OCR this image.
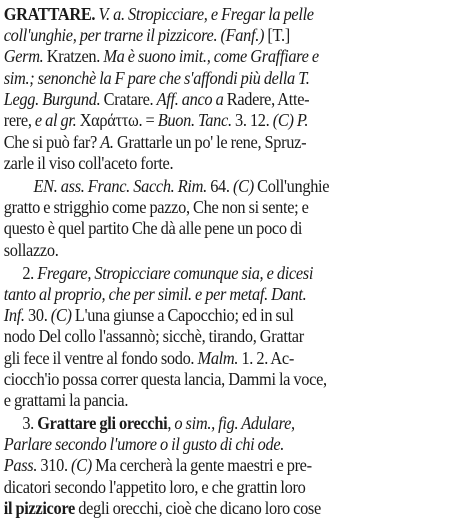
GRATTARE. V. a. Stropicciare, e Fregar la pelle
coll'unghie, per trarne il pizzicore. (Fanf.) [T.]
Germ. Kratzen. Ma è suono imit., come Graffiare e
sim.; senonchè la F pare che s'affondi più della T.
Legg. Burgund. Cratare. Aff. anco a Radere, Atte-
rere, e al gr. Χαράττω. = Buon. Tanc. 3. 12. (C) P.
Che si può far? A. Grattarle un po' le rene, Spruz-
zarle il viso coll'aceto forte.
EN. ass. Franc. Sacch. Rim. 64. (C) Coll'unghie
gratto e strigghio come pazzo, Che non si sente; e
questo è quel partito Che dà alle pene un poco di
sollazzo.
2. Fregare, Stropicciare comunque sia, e dicesi
tanto al proprio, che per simil. e per metaf. Dant.
Inf. 30. (C) L'una giunse a Capocchio; ed in sul
nodo Del collo l'assannò; sicchè, tirando, Grattar
gli fece il ventre al fondo sodo. Malm. 1. 2. Ac-
ciocch'io possa correr questa lancia, Dammi la voce,
e grattami la pancia.
3. Grattare gli orecchi, o sim., fig. Adulare,
Parlare secondo l'umore o il gusto di chi ode.
Pass. 310. (C) Ma cercherà la gente maestri e pre-
dicatori secondo l'appetito loro, e che grattin loro
il pizzicore degli orecchi, cioè che dicano loro cose
